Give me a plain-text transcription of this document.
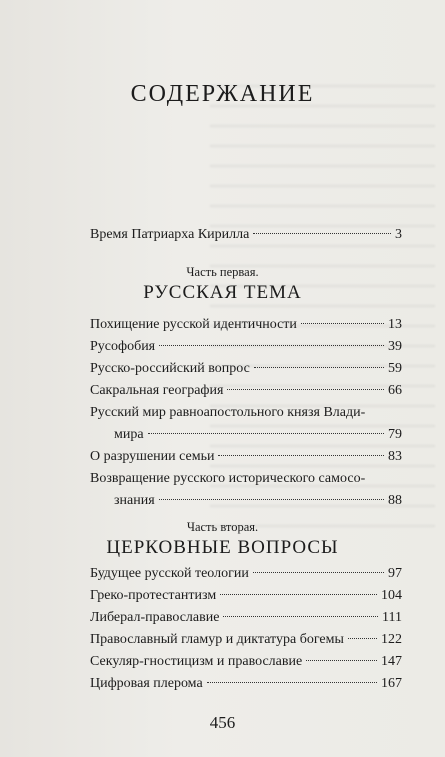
СОДЕРЖАНИЕ
Время Патриарха Кирилла	3
Часть первая.
РУССКАЯ ТЕМА
Похищение русской идентичности	13
Русофобия	39
Русско-российский вопрос	59
Сакральная география	66
Русский мир равноапостольного князя Влади-
мира	79
О разрушении семьи	83
Возвращение русского исторического самосо-
знания	88
Часть вторая.
ЦЕРКОВНЫЕ ВОПРОСЫ
Будущее русской теологии	97
Греко-протестантизм	104
Либерал-православие	111
Православный гламур и диктатура богемы	122
Секуляр-гностицизм и православие	147
Цифровая плерома	167
456
